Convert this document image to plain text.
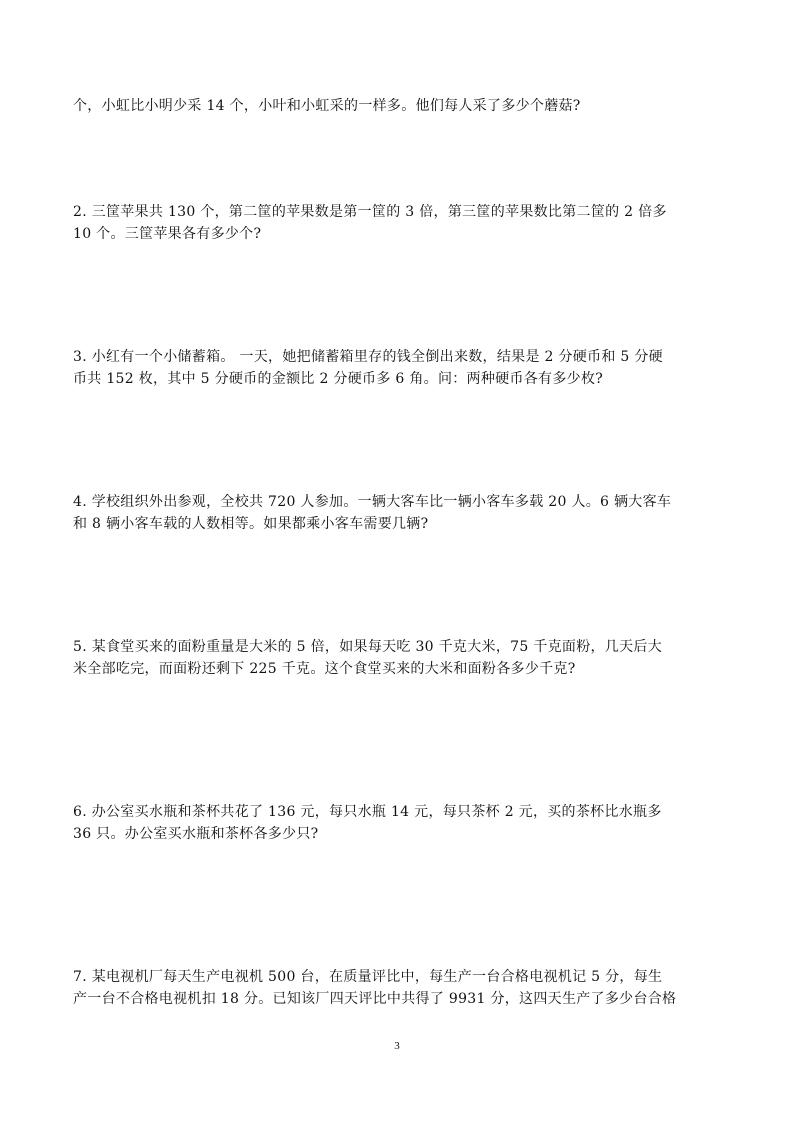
个，小虹比小明少采 14 个，小叶和小虹采的一样多。他们每人采了多少个蘑菇?

2. 三筐苹果共 130 个，第二筐的苹果数是第一筐的 3 倍，第三筐的苹果数比第二筐的 2 倍多

10 个。三筐苹果各有多少个?

3. 小红有一个小储蓄箱。 一天，她把储蓄箱里存的钱全倒出来数，结果是 2 分硬币和 5 分硬

币共 152 枚，其中 5 分硬币的金额比 2 分硬币多 6 角。问：两种硬币各有多少枚?

4. 学校组织外出参观，全校共 720 人参加。一辆大客车比一辆小客车多载 20 人。6 辆大客车

和 8 辆小客车载的人数相等。如果都乘小客车需要几辆?

5. 某食堂买来的面粉重量是大米的 5 倍，如果每天吃 30 千克大米，75 千克面粉，几天后大

米全部吃完，而面粉还剩下 225 千克。这个食堂买来的大米和面粉各多少千克?

6. 办公室买水瓶和茶杯共花了 136 元，每只水瓶 14 元，每只茶杯 2 元，买的茶杯比水瓶多

36 只。办公室买水瓶和茶杯各多少只?

7. 某电视机厂每天生产电视机 500 台，在质量评比中，每生产一台合格电视机记 5 分，每生

产一台不合格电视机扣 18 分。已知该厂四天评比中共得了 9931 分，这四天生产了多少台合格

3
